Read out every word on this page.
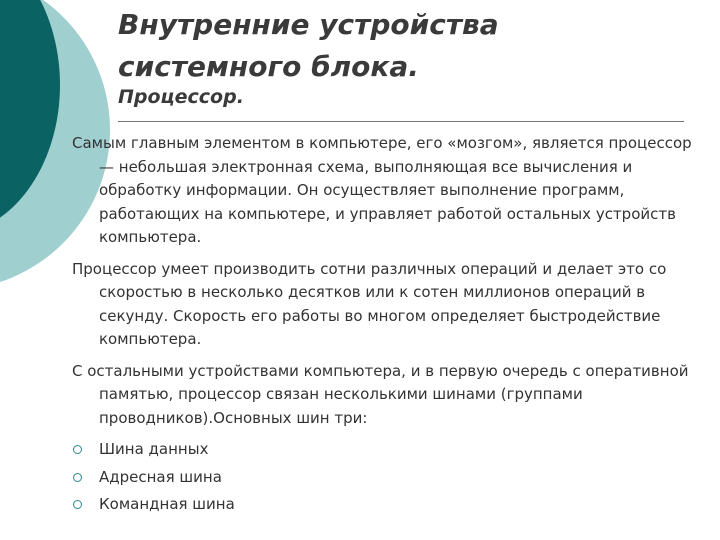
Внутренние устройства системного блока.
Процессор.

Самым главным элементом в компьютере, его «мозгом», является процессор — небольшая электронная схема, выполняющая все вычисления и обработку информации. Он осуществляет выполнение программ, работающих на компьютере, и управляет работой остальных устройств компьютера.

Процессор умеет производить сотни различных операций и делает это со скоростью в несколько десятков или к сотен миллионов операций в секунду. Скорость его работы во многом определяет быстродействие компьютера.

С остальными устройствами компьютера, и в первую очередь с оперативной памятью, процессор связан несколькими шинами (группами проводников).Основных шин три:

Шина данных
Адресная шина
Командная шина
